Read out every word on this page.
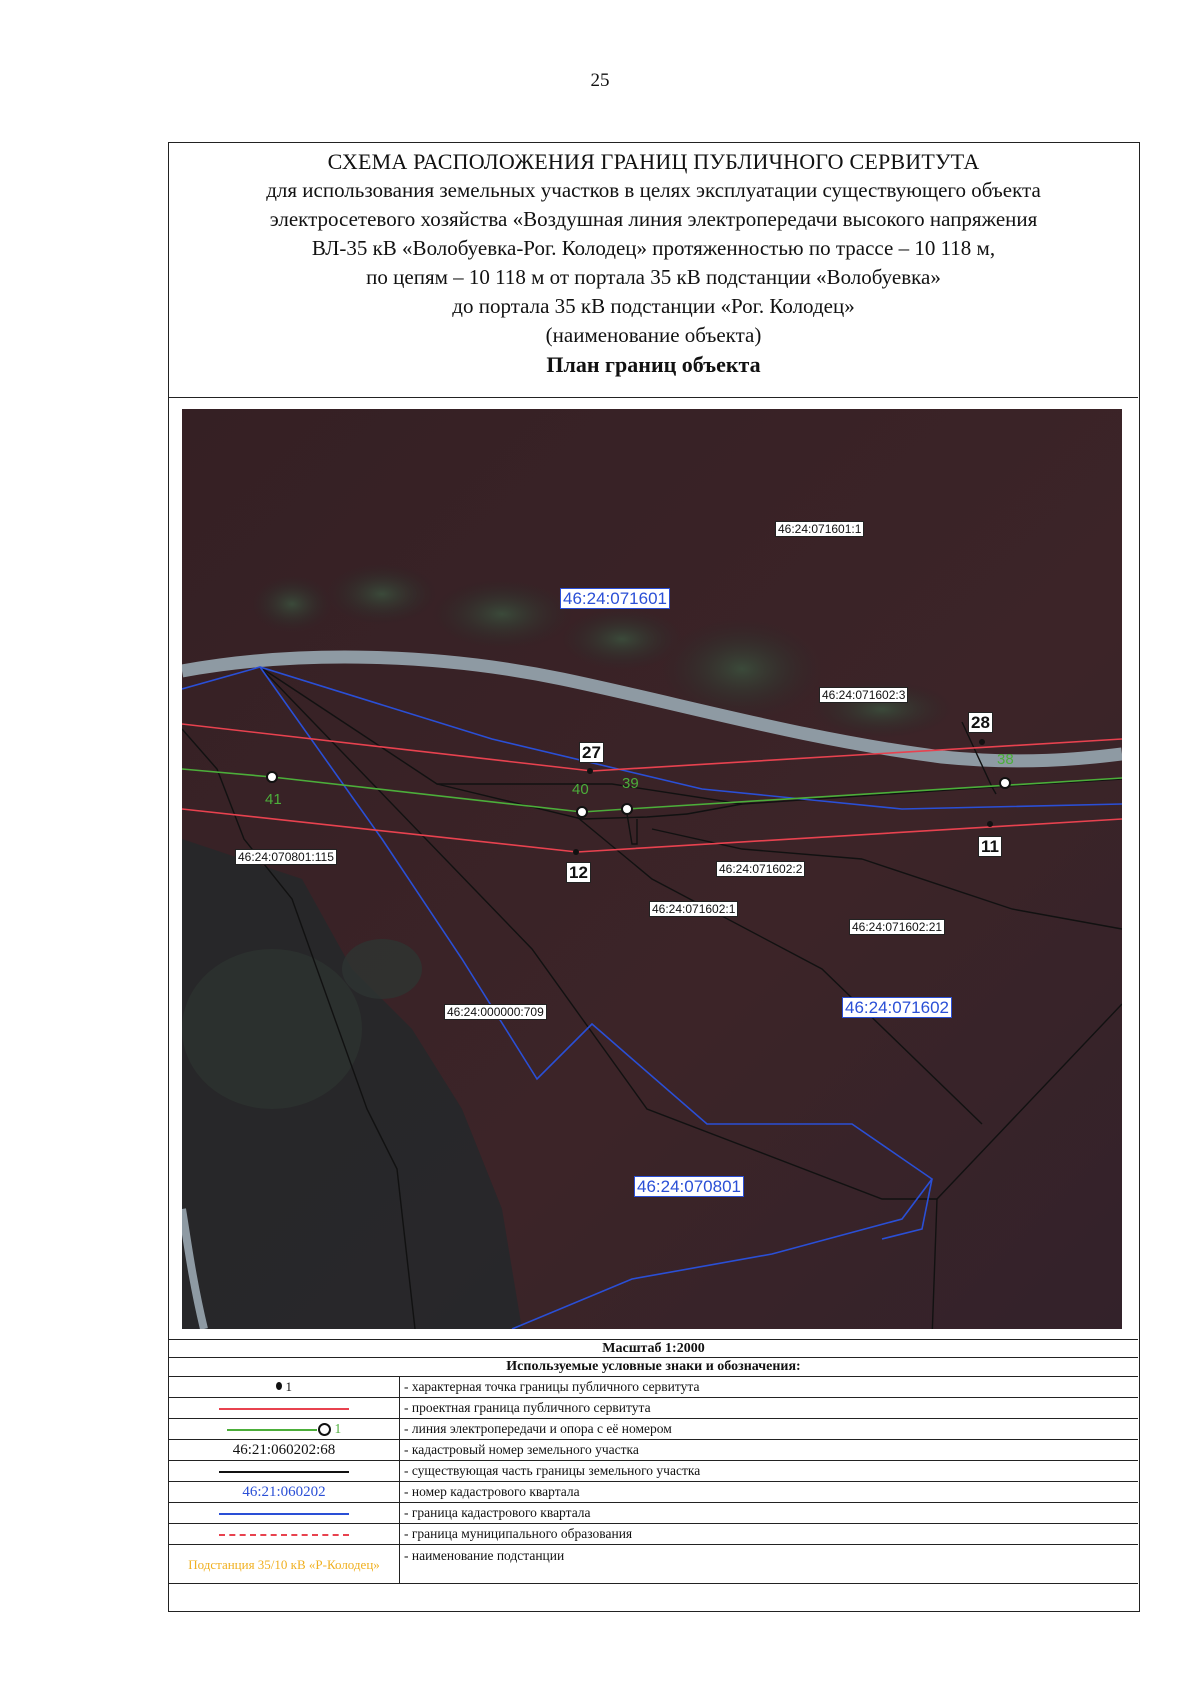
25
СХЕМА РАСПОЛОЖЕНИЯ ГРАНИЦ ПУБЛИЧНОГО СЕРВИТУТА
для использования земельных участков в целях эксплуатации существующего объекта
электросетевого хозяйства «Воздушная линия электропередачи высокого напряжения
ВЛ-35 кВ «Волобуевка-Рог. Колодец» протяженностью по трассе – 10 118 м,
по цепям – 10 118 м от портала 35 кВ подстанции «Волобуевка»
до портала 35 кВ подстанции «Рог. Колодец»
(наименование объекта)
План границ объекта
46:24:071601:1
46:24:071602:3
46:24:070801:115
46:24:071602:2
46:24:071602:1
46:24:071602:21
46:24:000000:709
46:24:071601
46:24:071602
46:24:070801
27
28
12
11
41
40 39
38
Масштаб 1:2000
Используемые условные знаки и обозначения:
1	- характерная точка границы публичного сервитута
	- проектная граница публичного сервитута
1	- линия электропередачи и опора с её номером
46:21:060202:68	- кадастровый номер земельного участка
	- существующая часть границы земельного участка
46:21:060202	- номер кадастрового квартала
	- граница кадастрового квартала
	- граница муниципального образования
Подстанция 35/10 кВ «Р-Колодец»	- наименование подстанции
